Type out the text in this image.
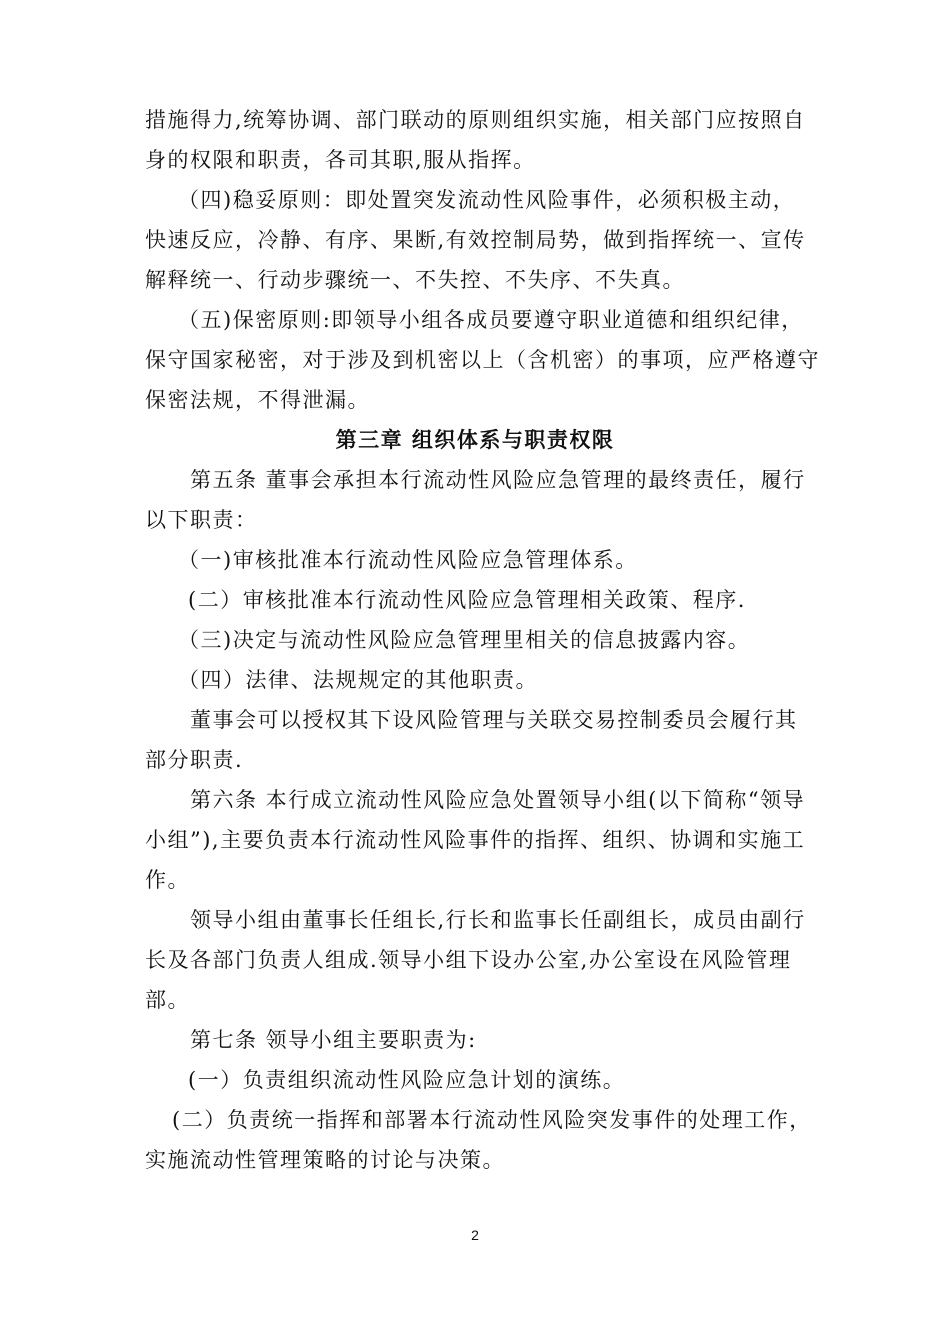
措施得力,统筹协调、部门联动的原则组织实施，相关部门应按照自
身的权限和职责，各司其职,服从指挥。
（四)稳妥原则：即处置突发流动性风险事件，必须积极主动，
快速反应，冷静、有序、果断,有效控制局势，做到指挥统一、宣传
解释统一、行动步骤统一、不失控、不失序、不失真。
（五)保密原则:即领导小组各成员要遵守职业道德和组织纪律，
保守国家秘密，对于涉及到机密以上（含机密）的事项，应严格遵守
保密法规，不得泄漏。
第三章 组织体系与职责权限
第五条 董事会承担本行流动性风险应急管理的最终责任，履行
以下职责：
（一)审核批准本行流动性风险应急管理体系。
(二）审核批准本行流动性风险应急管理相关政策、程序.
（三)决定与流动性风险应急管理里相关的信息披露内容。
（四）法律、法规规定的其他职责。
董事会可以授权其下设风险管理与关联交易控制委员会履行其
部分职责.
第六条 本行成立流动性风险应急处置领导小组(以下简称“领导
小组”),主要负责本行流动性风险事件的指挥、组织、协调和实施工
作。
领导小组由董事长任组长,行长和监事长任副组长，成员由副行
长及各部门负责人组成.领导小组下设办公室,办公室设在风险管理
部。
第七条 领导小组主要职责为:
(一）负责组织流动性风险应急计划的演练。
(二）负责统一指挥和部署本行流动性风险突发事件的处理工作，
实施流动性管理策略的讨论与决策。
2
